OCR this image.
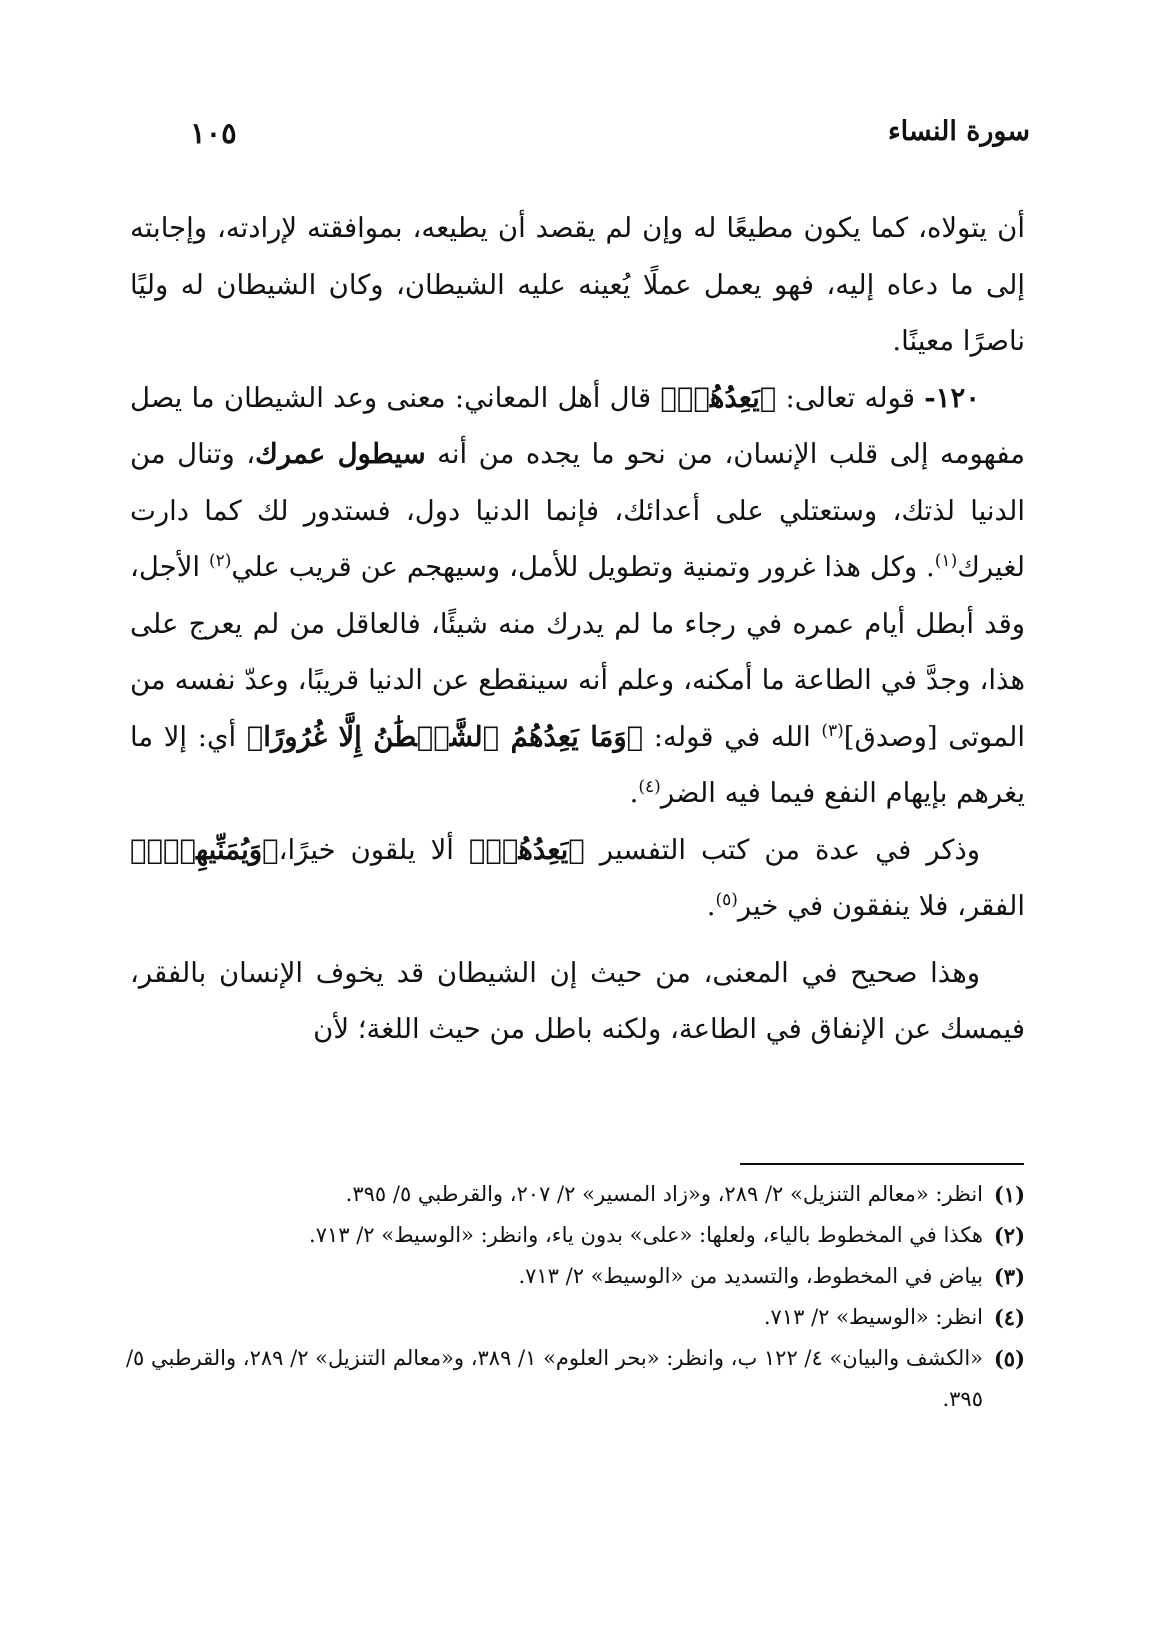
سورة النساء
١٠٥

أن يتولاه، كما يكون مطيعًا له وإن لم يقصد أن يطيعه، بموافقته لإرادته، وإجابته إلى ما دعاه إليه، فهو يعمل عملًا يُعينه عليه الشيطان، وكان الشيطان له وليًا ناصرًا معينًا.

١٢٠- قوله تعالى: ﴿يَعِدُهُمۡ﴾ قال أهل المعاني: معنى وعد الشيطان ما يصل مفهومه إلى قلب الإنسان، من نحو ما يجده من أنه سيطول عمرك، وتنال من الدنيا لذتك، وستعتلي على أعدائك، فإنما الدنيا دول، فستدور لك كما دارت لغيرك$^{(١)}$. وكل هذا غرور وتمنية وتطويل للأمل، وسيهجم عن قريب علي$^{(٢)}$ الأجل، وقد أبطل أيام عمره في رجاء ما لم يدرك منه شيئًا، فالعاقل من لم يعرج على هذا، وجدَّ في الطاعة ما أمكنه، وعلم أنه سينقطع عن الدنيا قريبًا، وعدّ نفسه من الموتى [وصدق]$^{(٣)}$ الله في قوله: ﴿وَمَا يَعِدُهُمُ ٱلشَّيۡطَٰنُ إِلَّا غُرُورًا﴾ أي: إلا ما يغرهم بإيهام النفع فيما فيه الضر$^{(٤)}$.

وذكر في عدة من كتب التفسير ﴿يَعِدُهُمۡ﴾ ألا يلقون خيرًا،﴿وَيُمَنِّيهِمۡۖ﴾ الفقر، فلا ينفقون في خير$^{(٥)}$.

وهذا صحيح في المعنى، من حيث إن الشيطان قد يخوف الإنسان بالفقر، فيمسك عن الإنفاق في الطاعة، ولكنه باطل من حيث اللغة؛ لأن

(١)
انظر: «معالم التنزيل» ٢/ ٢٨٩، و«زاد المسير» ٢/ ٢٠٧، والقرطبي ٥/ ٣٩٥.
(٢)
هكذا في المخطوط بالياء، ولعلها: «على» بدون ياء، وانظر: «الوسيط» ٢/ ٧١٣.
(٣)
بياض في المخطوط، والتسديد من «الوسيط» ٢/ ٧١٣.
(٤)
انظر: «الوسيط» ٢/ ٧١٣.
(٥)
«الكشف والبيان» ٤/ ١٢٢ ب، وانظر: «بحر العلوم» ١/ ٣٨٩، و«معالم التنزيل» ٢/ ٢٨٩، والقرطبي ٥/ ٣٩٥.
